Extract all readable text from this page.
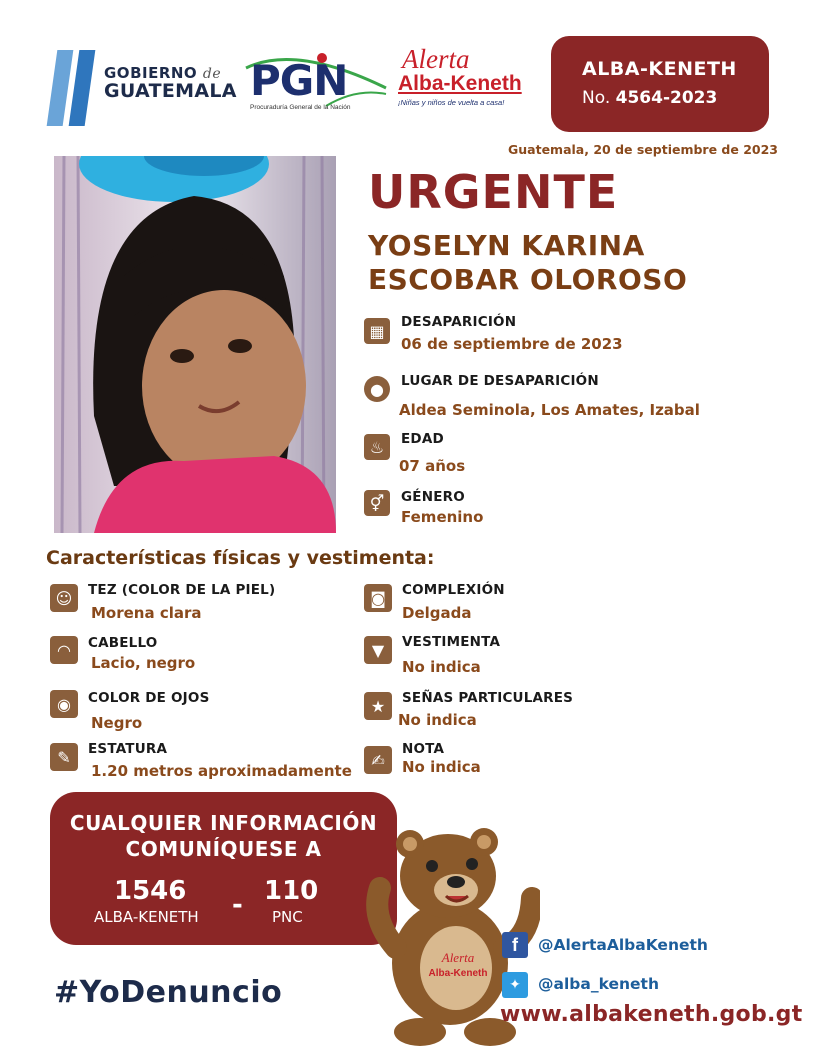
GOBIERNO de
GUATEMALA PGN
Procuraduría General de la Nación
Alerta
Alba-Keneth
¡Niñas y niños de vuelta a casa!
ALBA-KENETH
No. 4564-2023
Guatemala, 20 de septiembre de 2023
URGENTE
YOSELYN KARINA
ESCOBAR OLOROSO
▦	DESAPARICIÓN
06 de septiembre de 2023
●	LUGAR DE DESAPARICIÓN
Aldea Seminola, Los Amates, Izabal
♨	EDAD
07 años
⚥	GÉNERO
Femenino
Características físicas y vestimenta:
☺	TEZ (COLOR DE LA PIEL)
Morena clara
◠	CABELLO
Lacio, negro
◉	COLOR DE OJOS
Negro
✎	ESTATURA
1.20 metros aproximadamente
◙	COMPLEXIÓN
Delgada
▼	VESTIMENTA
No indica
★	SEÑAS PARTICULARES
No indica
✍
NOTA
No indica
CUALQUIER INFORMACIÓN
COMUNÍQUESE A
1546
ALBA-KENETH - 110
PNC
#YoDenuncio
Alerta
Alba-Keneth
f	@AlertaAlbaKeneth
✦	@alba_keneth
www.albakeneth.gob.gt
